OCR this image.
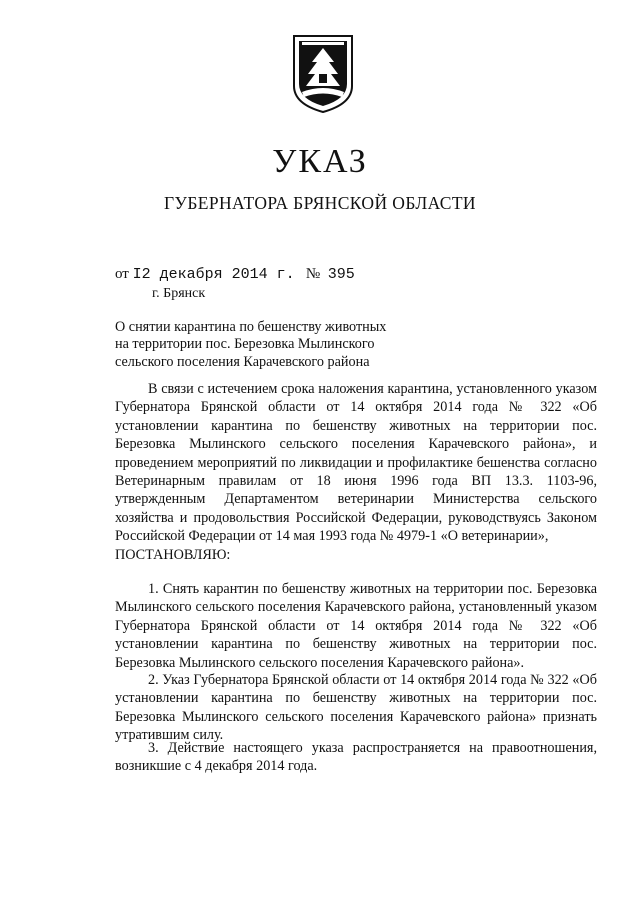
УКАЗ
ГУБЕРНАТОРА БРЯНСКОЙ ОБЛАСТИ
от I2 декабря 2014 г. № 395
г. Брянск
О снятии карантина по бешенству животных
на территории пос. Березовка Мылинского
сельского поселения Карачевского района
В связи с истечением срока наложения карантина, установленного указом Губернатора Брянской области от 14 октября 2014 года № 322 «Об установлении карантина по бешенству животных на территории пос. Березовка Мылинского сельского поселения Карачевского района», и проведением мероприятий по ликвидации и профилактике бешенства согласно Ветеринарным правилам от 18 июня 1996 года ВП 13.3. 1103-96, утвержденным Департаментом ветеринарии Министерства сельского хозяйства и продовольствия Российской Федерации, руководствуясь Законом Российской Федерации от 14 мая 1993 года № 4979-1 «О ветеринарии»,
ПОСТАНОВЛЯЮ:
1. Снять карантин по бешенству животных на территории пос. Березовка Мылинского сельского поселения Карачевского района, установленный указом Губернатора Брянской области от 14 октября 2014 года № 322 «Об установлении карантина по бешенству животных на территории пос. Березовка Мылинского сельского поселения Карачевского района».
2. Указ Губернатора Брянской области от 14 октября 2014 года № 322 «Об установлении карантина по бешенству животных на территории пос. Березовка Мылинского сельского поселения Карачевского района» признать утратившим силу.
3. Действие настоящего указа распространяется на правоотношения, возникшие с 4 декабря 2014 года.
